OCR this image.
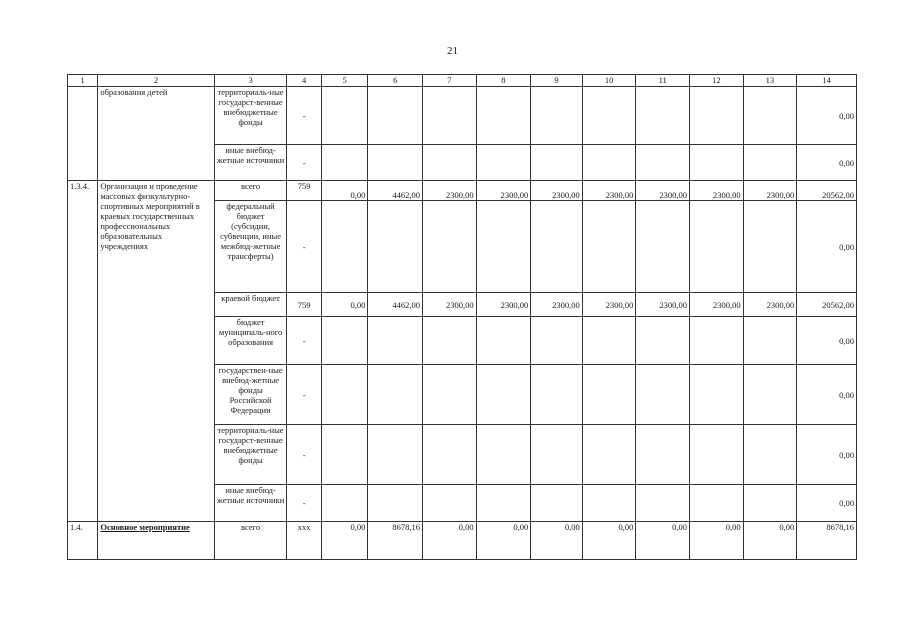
21
1	2	3	4	5	6	7	8	9	10	11	12	13	14
	образования детей	территориаль-ные государст-венные внебюджетные фонды	-										0,00
		иные внебюд-жетные источники	-										0,00
1.3.4.	Организация и проведение массовых физкультурно-спортивных мероприятий в краевых государственных профессиональных образовательных учреждениях	всего	759	0,00	4462,00	2300,00	2300,00	2300,00	2300,00	2300,00	2300,00	2300,00	20562,00
		федеральный бюджет (субсидии, субвенции, иные межбюд-жетные трансферты)	-										0,00
		краевой бюджет	759	0,00	4462,00	2300,00	2300,00	2300,00	2300,00	2300,00	2300,00	2300,00	20562,00
		бюджет муниципаль-ного образования	-										0,00
		государствен-ные внебюд-жетные фонды Российской Федерации	-										0,00
		территориаль-ные государст-венные внебюджетные фонды	-										0,00
		иные внебюд-жетные источники	-										0,00
1.4.	Основное мероприятие	всего	ххх	0,00	8678,16	0,00	0,00	0,00	0,00	0,00	0,00	0,00	8678,16
